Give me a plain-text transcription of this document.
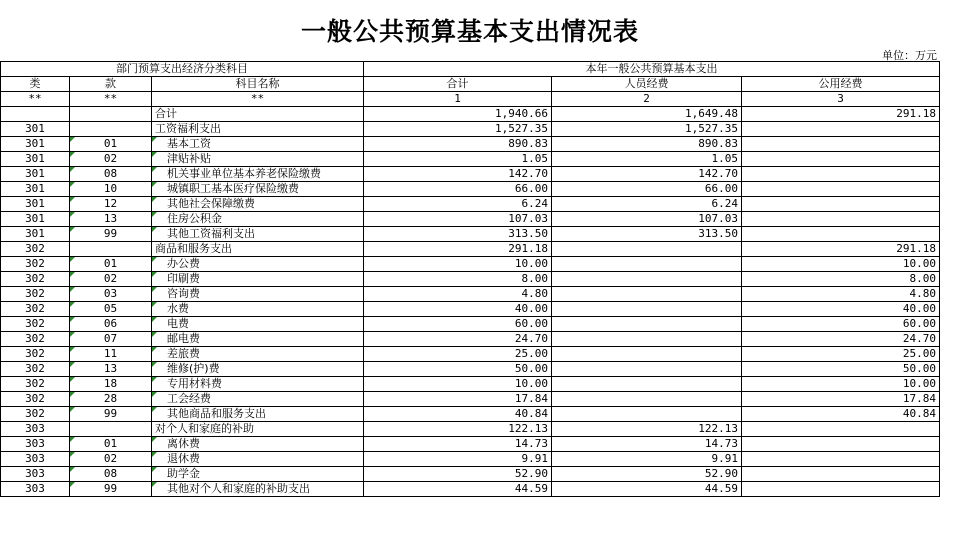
一般公共预算基本支出情况表
单位：万元
部门预算支出经济分类科目			本年一般公共预算基本支出		
类	款	科目名称	合计	人员经费	公用经费
**	**	**	1	2	3
		合计	1,940.66	1,649.48	291.18
301		工资福利支出	1,527.35	1,527.35	
301	01	基本工资	890.83	890.83	
301	02	津贴补贴	1.05	1.05	
301	08	机关事业单位基本养老保险缴费	142.70	142.70	
301	10	城镇职工基本医疗保险缴费	66.00	66.00	
301	12	其他社会保障缴费	6.24	6.24	
301	13	住房公积金	107.03	107.03	
301	99	其他工资福利支出	313.50	313.50	
302		商品和服务支出	291.18		291.18
302	01	办公费	10.00		10.00
302	02	印刷费	8.00		8.00
302	03	咨询费	4.80		4.80
302	05	水费	40.00		40.00
302	06	电费	60.00		60.00
302	07	邮电费	24.70		24.70
302	11	差旅费	25.00		25.00
302	13	维修(护)费	50.00		50.00
302	18	专用材料费	10.00		10.00
302	28	工会经费	17.84		17.84
302	99	其他商品和服务支出	40.84		40.84
303		对个人和家庭的补助	122.13	122.13	
303	01	离休费	14.73	14.73	
303	02	退休费	9.91	9.91	
303	08	助学金	52.90	52.90	
303	99	其他对个人和家庭的补助支出	44.59	44.59	
